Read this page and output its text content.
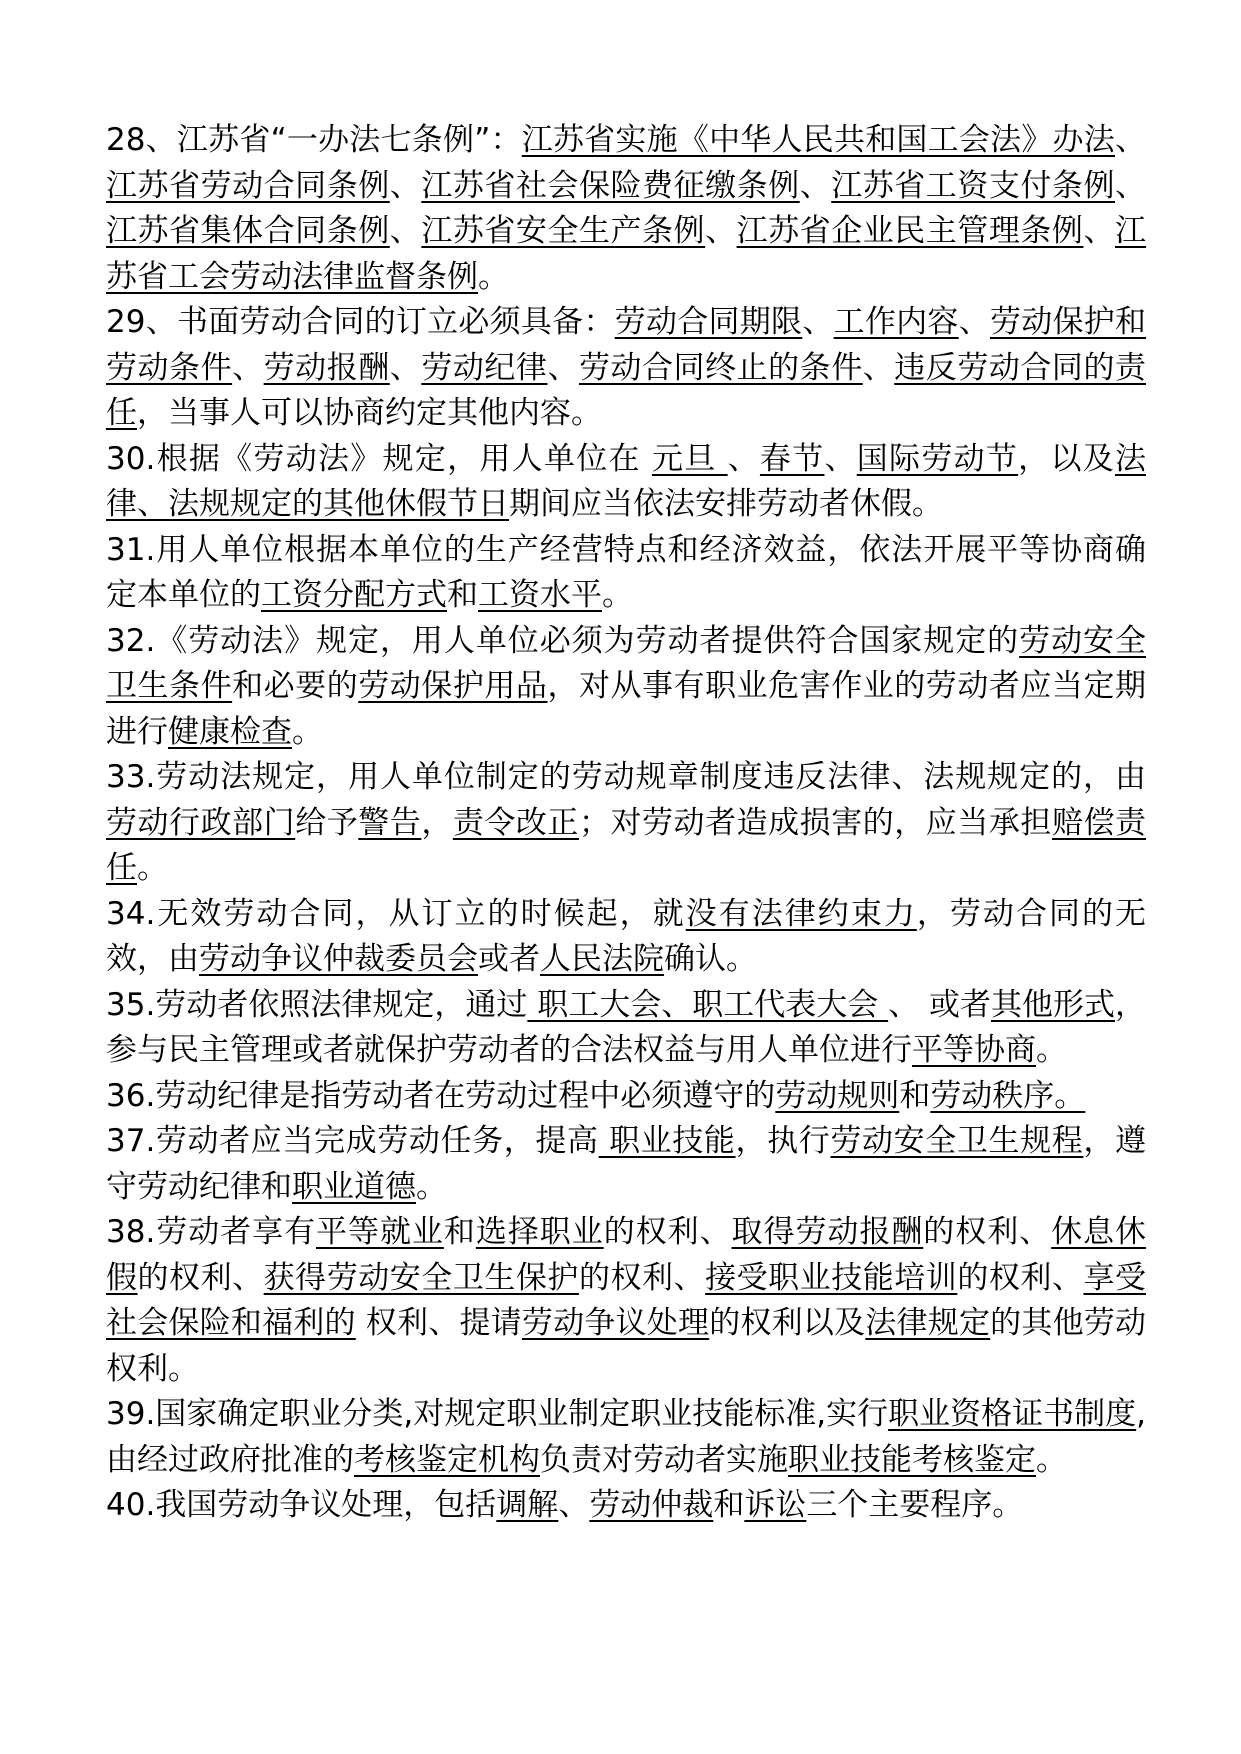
28、江苏省“一办法七条例”：江苏省实施《中华人民共和国工会法》办法、江苏省劳动合同条例、江苏省社会保险费征缴条例、江苏省工资支付条例、江苏省集体合同条例、江苏省安全生产条例、江苏省企业民主管理条例、江苏省工会劳动法律监督条例。

29、书面劳动合同的订立必须具备：劳动合同期限、工作内容、劳动保护和劳动条件、劳动报酬、劳动纪律、劳动合同终止的条件、违反劳动合同的责任，当事人可以协商约定其他内容。

30.根据《劳动法》规定，用人单位在 元旦 、春节、国际劳动节，以及法律、法规规定的其他休假节日期间应当依法安排劳动者休假。

31.用人单位根据本单位的生产经营特点和经济效益，依法开展平等协商确定本单位的工资分配方式和工资水平。

32.《劳动法》规定，用人单位必须为劳动者提供符合国家规定的劳动安全卫生条件和必要的劳动保护用品，对从事有职业危害作业的劳动者应当定期进行健康检查。

33.劳动法规定，用人单位制定的劳动规章制度违反法律、法规规定的，由劳动行政部门给予警告，责令改正；对劳动者造成损害的，应当承担赔偿责任。

34.无效劳动合同，从订立的时候起，就没有法律约束力，劳动合同的无效，由劳动争议仲裁委员会或者人民法院确认。

35.劳动者依照法律规定，通过 职工大会、职工代表大会 、 或者其他形式，参与民主管理或者就保护劳动者的合法权益与用人单位进行平等协商。

36.劳动纪律是指劳动者在劳动过程中必须遵守的劳动规则和劳动秩序。

37.劳动者应当完成劳动任务，提高 职业技能，执行劳动安全卫生规程，遵守劳动纪律和职业道德。

38.劳动者享有平等就业和选择职业的权利、取得劳动报酬的权利、休息休假的权利、获得劳动安全卫生保护的权利、接受职业技能培训的权利、享受社会保险和福利的 权利、提请劳动争议处理的权利以及法律规定的其他劳动权利。

39.国家确定职业分类,对规定职业制定职业技能标准,实行职业资格证书制度,由经过政府批准的考核鉴定机构负责对劳动者实施职业技能考核鉴定。

40.我国劳动争议处理，包括调解、劳动仲裁和诉讼三个主要程序。
